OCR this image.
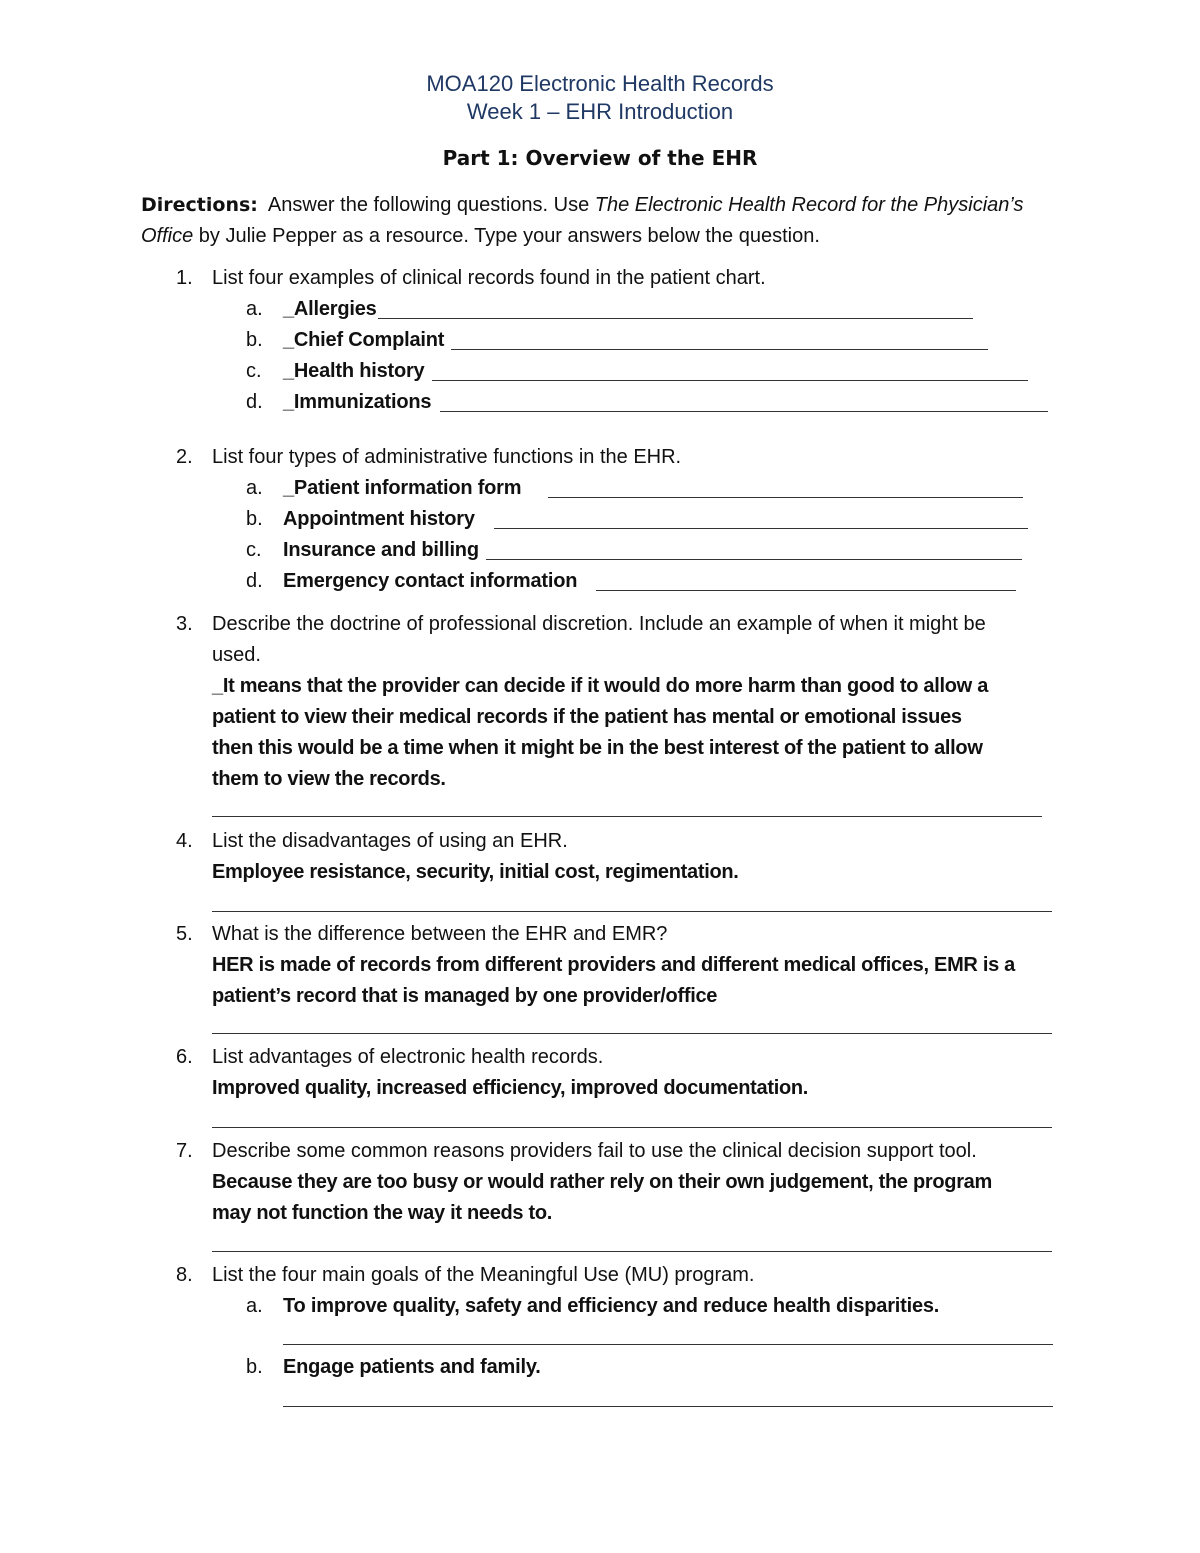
MOA120 Electronic Health Records
Week 1 – EHR Introduction
Part 1: Overview of the EHR
Directions: Answer the following questions. Use The Electronic Health Record for the Physician’s Office by Julie Pepper as a resource. Type your answers below the question.
1. List four examples of clinical records found in the patient chart.
a. _Allergies
b. _Chief Complaint
c. _Health history
d. _Immunizations
2. List four types of administrative functions in the EHR.
a. _Patient information form
b. Appointment history
c. Insurance and billing
d. Emergency contact information
3. Describe the doctrine of professional discretion. Include an example of when it might be
used.
_It means that the provider can decide if it would do more harm than good to allow a
patient to view their medical records if the patient has mental or emotional issues
then this would be a time when it might be in the best interest of the patient to allow
them to view the records.
4. List the disadvantages of using an EHR.
Employee resistance, security, initial cost, regimentation.
5. What is the difference between the EHR and EMR?
HER is made of records from different providers and different medical offices, EMR is a
patient’s record that is managed by one provider/office
6. List advantages of electronic health records.
Improved quality, increased efficiency, improved documentation.
7. Describe some common reasons providers fail to use the clinical decision support tool.
Because they are too busy or would rather rely on their own judgement, the program
may not function the way it needs to.
8. List the four main goals of the Meaningful Use (MU) program.
a. To improve quality, safety and efficiency and reduce health disparities.
b. Engage patients and family.
